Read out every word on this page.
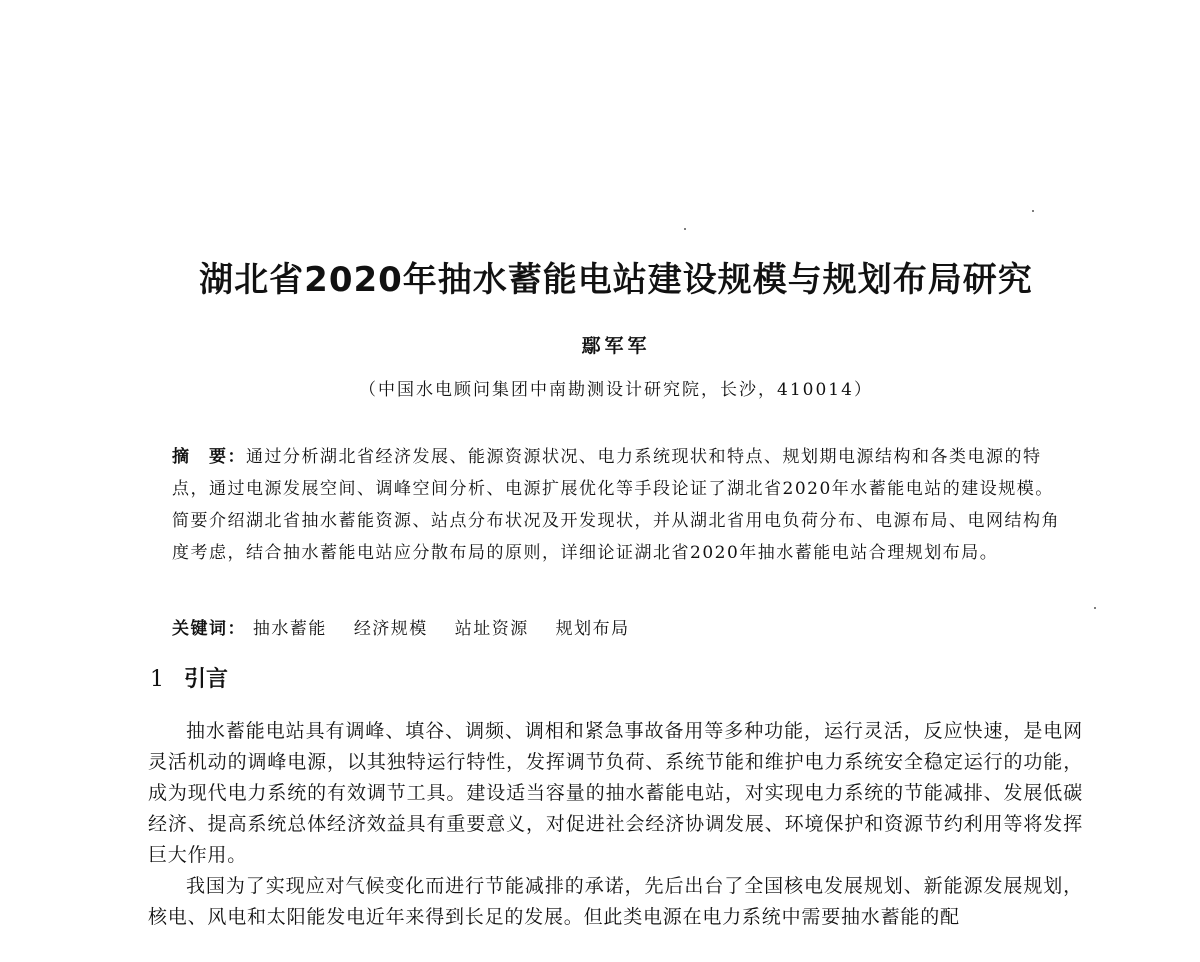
湖北省2020年抽水蓄能电站建设规模与规划布局研究
鄢军军
（中国水电顾问集团中南勘测设计研究院，长沙，410014）
摘　要：通过分析湖北省经济发展、能源资源状况、电力系统现状和特点、规划期电源结构和各类电源的特点，通过电源发展空间、调峰空间分析、电源扩展优化等手段论证了湖北省2020年水蓄能电站的建设规模。简要介绍湖北省抽水蓄能资源、站点分布状况及开发现状，并从湖北省用电负荷分布、电源布局、电网结构角度考虑，结合抽水蓄能电站应分散布局的原则，详细论证湖北省2020年抽水蓄能电站合理规划布局。
关键词： 抽水蓄能 经济规模 站址资源 规划布局
1 引言

抽水蓄能电站具有调峰、填谷、调频、调相和紧急事故备用等多种功能，运行灵活，反应快速，是电网灵活机动的调峰电源，以其独特运行特性，发挥调节负荷、系统节能和维护电力系统安全稳定运行的功能，成为现代电力系统的有效调节工具。建设适当容量的抽水蓄能电站，对实现电力系统的节能减排、发展低碳经济、提高系统总体经济效益具有重要意义，对促进社会经济协调发展、环境保护和资源节约利用等将发挥巨大作用。

我国为了实现应对气候变化而进行节能减排的承诺，先后出台了全国核电发展规划、新能源发展规划，核电、风电和太阳能发电近年来得到长足的发展。但此类电源在电力系统中需要抽水蓄能的配
